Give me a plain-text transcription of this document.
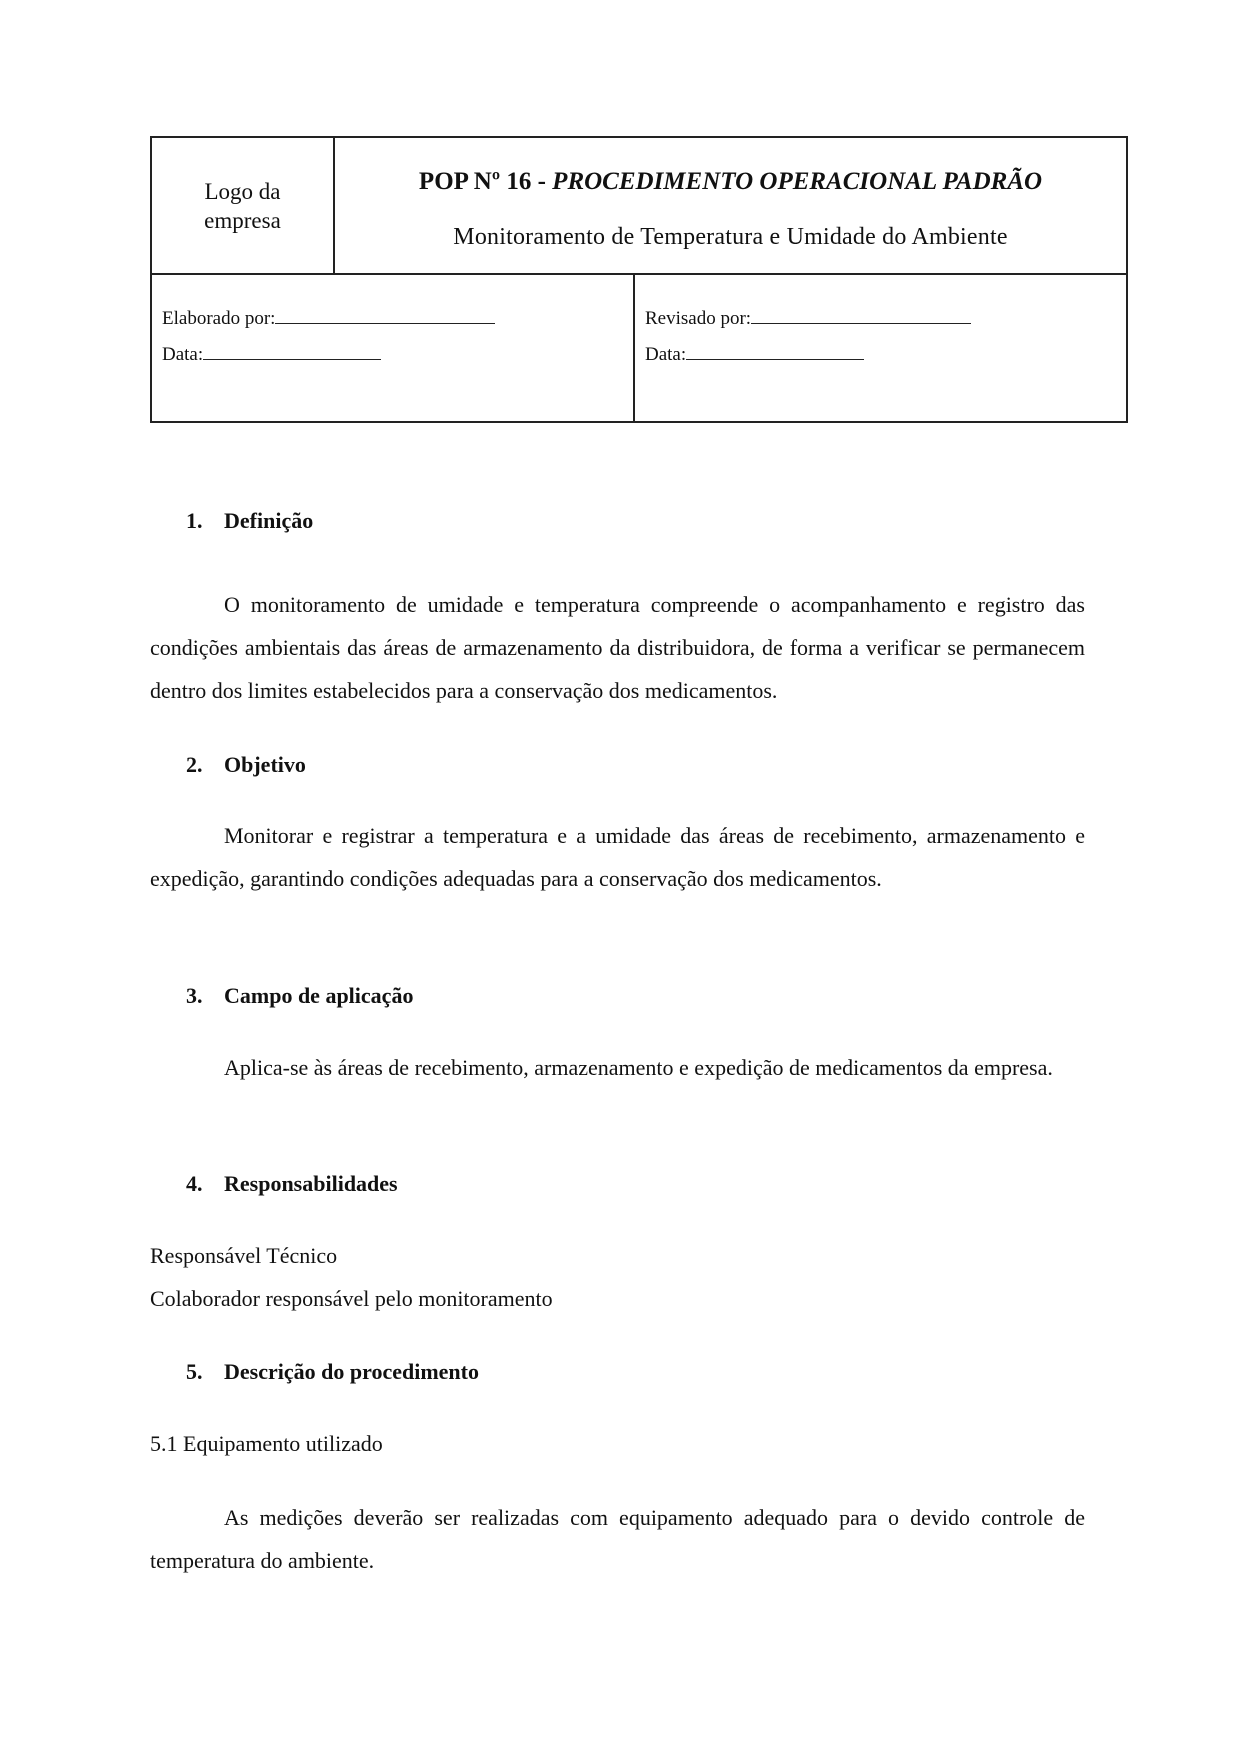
Logo da
empresa
POP Nº 16 - PROCEDIMENTO OPERACIONAL PADRÃO
Monitoramento de Temperatura e Umidade do Ambiente
Elaborado por:
Data:
Revisado por:
Data:
1. Definição
O monitoramento de umidade e temperatura compreende o acompanhamento e registro das condições ambientais das áreas de armazenamento da distribuidora, de forma a verificar se permanecem dentro dos limites estabelecidos para a conservação dos medicamentos.
2. Objetivo
Monitorar e registrar a temperatura e a umidade das áreas de recebimento, armazenamento e expedição, garantindo condições adequadas para a conservação dos medicamentos.
3. Campo de aplicação
Aplica-se às áreas de recebimento, armazenamento e expedição de medicamentos da empresa.
4. Responsabilidades
Responsável Técnico
Colaborador responsável pelo monitoramento
5. Descrição do procedimento
5.1 Equipamento utilizado
As medições deverão ser realizadas com equipamento adequado para o devido controle de temperatura do ambiente.
